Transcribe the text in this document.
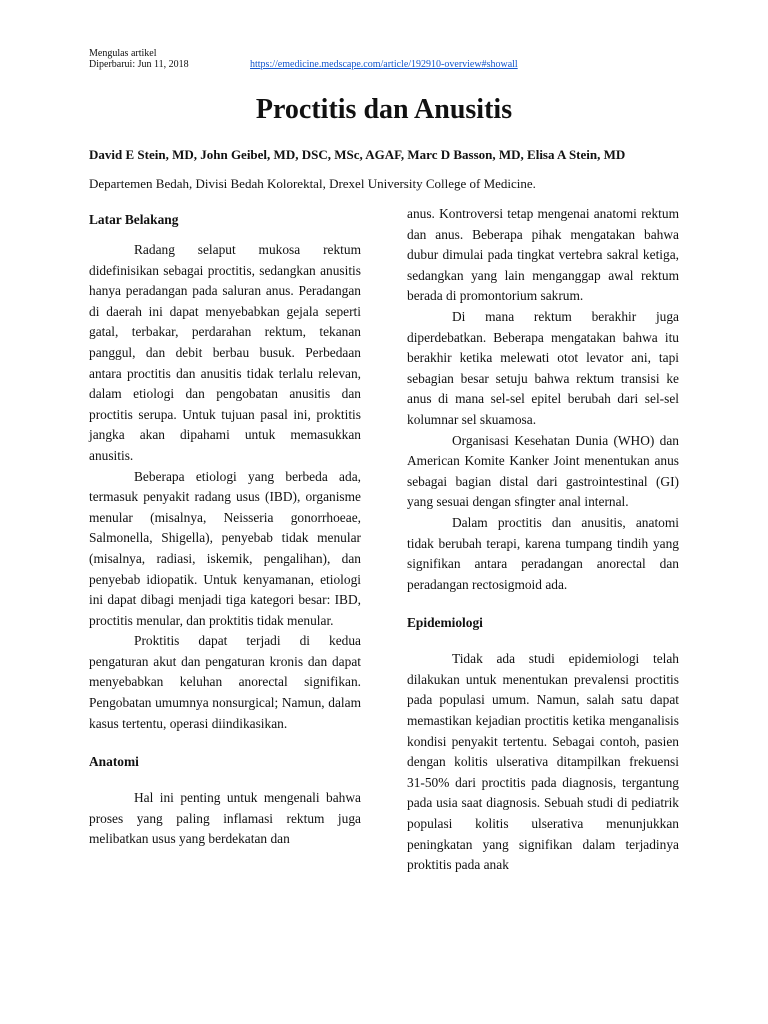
Mengulas artikel
Diperbarui: Jun 11, 2018	https://emedicine.medscape.com/article/192910-overview#showall
Proctitis dan Anusitis
David E Stein, MD, John Geibel, MD, DSC, MSc, AGAF, Marc D Basson, MD, Elisa A Stein, MD
Departemen Bedah, Divisi Bedah Kolorektal, Drexel University College of Medicine.
Latar Belakang

Radang selaput mukosa rektum didefinisikan sebagai proctitis, sedangkan anusitis hanya peradangan pada saluran anus. Peradangan di daerah ini dapat menyebabkan gejala seperti gatal, terbakar, perdarahan rektum, tekanan panggul, dan debit berbau busuk. Perbedaan antara proctitis dan anusitis tidak terlalu relevan, dalam etiologi dan pengobatan anusitis dan proctitis serupa. Untuk tujuan pasal ini, proktitis jangka akan dipahami untuk memasukkan anusitis.

Beberapa etiologi yang berbeda ada, termasuk penyakit radang usus (IBD), organisme menular (misalnya, Neisseria gonorrhoeae, Salmonella, Shigella), penyebab tidak menular (misalnya, radiasi, iskemik, pengalihan), dan penyebab idiopatik. Untuk kenyamanan, etiologi ini dapat dibagi menjadi tiga kategori besar: IBD, proctitis menular, dan proktitis tidak menular.

Proktitis dapat terjadi di kedua pengaturan akut dan pengaturan kronis dan dapat menyebabkan keluhan anorectal signifikan. Pengobatan umumnya nonsurgical; Namun, dalam kasus tertentu, operasi diindikasikan.

Anatomi

Hal ini penting untuk mengenali bahwa proses yang paling inflamasi rektum juga melibatkan usus yang berdekatan dan

anus. Kontroversi tetap mengenai anatomi rektum dan anus. Beberapa pihak mengatakan bahwa dubur dimulai pada tingkat vertebra sakral ketiga, sedangkan yang lain menganggap awal rektum berada di promontorium sakrum.

Di mana rektum berakhir juga diperdebatkan. Beberapa mengatakan bahwa itu berakhir ketika melewati otot levator ani, tapi sebagian besar setuju bahwa rektum transisi ke anus di mana sel-sel epitel berubah dari sel-sel kolumnar sel skuamosa.

Organisasi Kesehatan Dunia (WHO) dan American Komite Kanker Joint menentukan anus sebagai bagian distal dari gastrointestinal (GI) yang sesuai dengan sfingter anal internal.

Dalam proctitis dan anusitis, anatomi tidak berubah terapi, karena tumpang tindih yang signifikan antara peradangan anorectal dan peradangan rectosigmoid ada.

Epidemiologi

Tidak ada studi epidemiologi telah dilakukan untuk menentukan prevalensi proctitis pada populasi umum. Namun, salah satu dapat memastikan kejadian proctitis ketika menganalisis kondisi penyakit tertentu. Sebagai contoh, pasien dengan kolitis ulserativa ditampilkan frekuensi 31-50% dari proctitis pada diagnosis, tergantung pada usia saat diagnosis. Sebuah studi di pediatrik populasi kolitis ulserativa menunjukkan peningkatan yang signifikan dalam terjadinya proktitis pada anak
